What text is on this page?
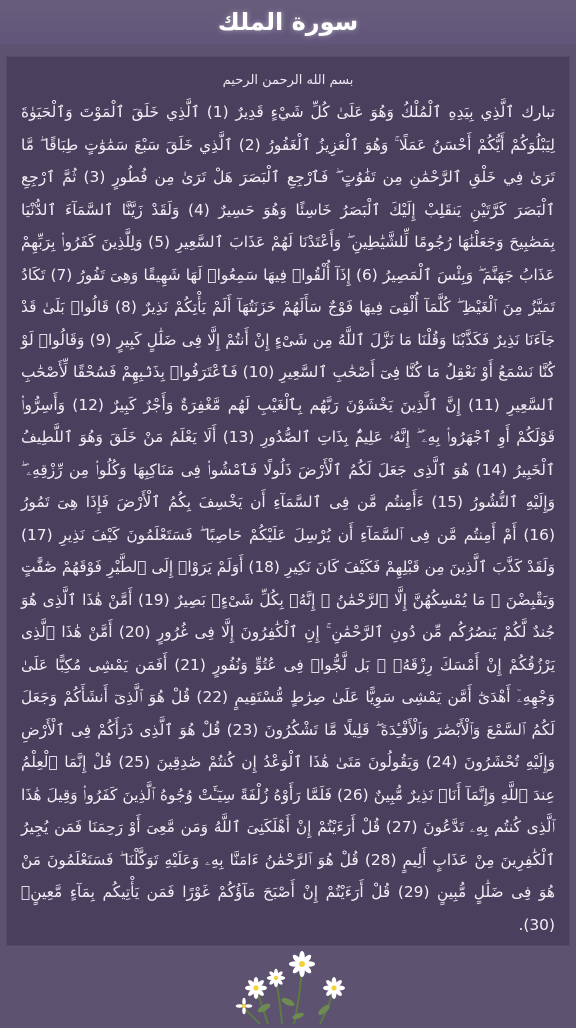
سورة الملك
بسم الله الرحمن الرحيم
تبارك ٱلَّذِي بِيَدِهِ ٱلْمُلْكُ وَهُوَ عَلَىٰ كُلِّ شَيْءٍ قَدِيرٌ (1) ٱلَّذِي خَلَقَ ٱلْمَوْتَ وَٱلْحَيَوٰةَ لِيَبْلُوَكُمْ أَيُّكُمْ أَحْسَنُ عَمَلًا ۚ وَهُوَ ٱلْعَزِيزُ ٱلْغَفُورُ (2) ٱلَّذِي خَلَقَ سَبْعَ سَمَٰوَٰتٍ طِبَاقًا ۖ مَّا تَرَىٰ فِي خَلْقِ ٱلرَّحْمَٰنِ مِن تَفَٰوُتٍ ۖ فَٱرْجِعِ ٱلْبَصَرَ هَلْ تَرَىٰ مِن فُطُورٍ (3) ثُمَّ ٱرْجِعِ ٱلْبَصَرَ كَرَّتَيْنِ يَنقَلِبْ إِلَيْكَ ٱلْبَصَرُ خَاسِئًا وَهُوَ حَسِيرٌ (4) وَلَقَدْ زَيَّنَّا ٱلسَّمَآءَ ٱلدُّنْيَا بِمَصَٰبِيحَ وَجَعَلْنَٰهَا رُجُومًا لِّلشَّيَٰطِينِ ۖ وَأَعْتَدْنَا لَهُمْ عَذَابَ ٱلسَّعِيرِ (5) وَلِلَّذِينَ كَفَرُوا۟ بِرَبِّهِمْ عَذَابُ جَهَنَّمَ ۖ وَبِئْسَ ٱلْمَصِيرُ (6) إِذَآ أُلْقُوا۟ فِيهَا سَمِعُوا۟ لَهَا شَهِيقًا وَهِىَ تَفُورُ (7) تَكَادُ تَمَيَّزُ مِنَ ٱلْغَيْظِ ۖ كُلَّمَآ أُلْقِىَ فِيهَا فَوْجٌ سَأَلَهُمْ خَزَنَتُهَآ أَلَمْ يَأْتِكُمْ نَذِيرٌ (8) قَالُوا۟ بَلَىٰ قَدْ جَآءَنَا نَذِيرٌ فَكَذَّبْنَا وَقُلْنَا مَا نَزَّلَ ٱللَّهُ مِن شَىْءٍ إِنْ أَنتُمْ إِلَّا فِى ضَلَٰلٍ كَبِيرٍ (9) وَقَالُوا۟ لَوْ كُنَّا نَسْمَعُ أَوْ نَعْقِلُ مَا كُنَّا فِىٓ أَصْحَٰبِ ٱلسَّعِيرِ (10) فَٱعْتَرَفُوا۟ بِذَنۢبِهِمْ فَسُحْقًا لِّأَصْحَٰبِ ٱلسَّعِيرِ (11) إِنَّ ٱلَّذِينَ يَخْشَوْنَ رَبَّهُم بِٱلْغَيْبِ لَهُم مَّغْفِرَةٌ وَأَجْرٌ كَبِيرٌ (12) وَأَسِرُّوا۟ قَوْلَكُمْ أَوِ ٱجْهَرُوا۟ بِهِۦٓ ۖ إِنَّهُۥ عَلِيمٌۢ بِذَاتِ ٱلصُّدُورِ (13) أَلَا يَعْلَمُ مَنْ خَلَقَ وَهُوَ ٱللَّطِيفُ ٱلْخَبِيرُ (14) هُوَ ٱلَّذِى جَعَلَ لَكُمُ ٱلْأَرْضَ ذَلُولًا فَٱمْشُوا۟ فِى مَنَاكِبِهَا وَكُلُوا۟ مِن رِّزْقِهِۦ ۖ وَإِلَيْهِ ٱلنُّشُورُ (15) ءَأَمِنتُم مَّن فِى ٱلسَّمَآءِ أَن يَخْسِفَ بِكُمُ ٱلْأَرْضَ فَإِذَا هِىَ تَمُورُ (16) أَمْ أَمِنتُم مَّن فِى ٱلسَّمَآءِ أَن يُرْسِلَ عَلَيْكُمْ حَاصِبًا ۖ فَسَتَعْلَمُونَ كَيْفَ نَذِيرِ (17) وَلَقَدْ كَذَّبَ ٱلَّذِينَ مِن قَبْلِهِمْ فَكَيْفَ كَانَ نَكِيرِ (18) أَوَلَمْ يَرَوْا۟ إِلَى ٱلطَّيْرِ فَوْقَهُمْ صَٰٓفَّٰتٍ وَيَقْبِضْنَ ۚ مَا يُمْسِكُهُنَّ إِلَّا ٱلرَّحْمَٰنُ ۚ إِنَّهُۥ بِكُلِّ شَىْءٍۭ بَصِيرٌ (19) أَمَّنْ هَٰذَا ٱلَّذِى هُوَ جُندٌ لَّكُمْ يَنصُرُكُم مِّن دُونِ ٱلرَّحْمَٰنِ ۚ إِنِ ٱلْكَٰفِرُونَ إِلَّا فِى غُرُورٍ (20) أَمَّنْ هَٰذَا ٱلَّذِى يَرْزُقُكُمْ إِنْ أَمْسَكَ رِزْقَهُۥ ۚ بَل لَّجُّوا۟ فِى عُتُوٍّ وَنُفُورٍ (21) أَفَمَن يَمْشِى مُكِبًّا عَلَىٰ وَجْهِهِۦٓ أَهْدَىٰٓ أَمَّن يَمْشِى سَوِيًّا عَلَىٰ صِرَٰطٍ مُّسْتَقِيمٍ (22) قُلْ هُوَ ٱلَّذِىٓ أَنشَأَكُمْ وَجَعَلَ لَكُمُ ٱلسَّمْعَ وَٱلْأَبْصَٰرَ وَٱلْأَفْـِٔدَةَ ۖ قَلِيلًا مَّا تَشْكُرُونَ (23) قُلْ هُوَ ٱلَّذِى ذَرَأَكُمْ فِى ٱلْأَرْضِ وَإِلَيْهِ تُحْشَرُونَ (24) وَيَقُولُونَ مَتَىٰ هَٰذَا ٱلْوَعْدُ إِن كُنتُمْ صَٰدِقِينَ (25) قُلْ إِنَّمَا ٱلْعِلْمُ عِندَ ٱللَّهِ وَإِنَّمَآ أَنَا۠ نَذِيرٌ مُّبِينٌ (26) فَلَمَّا رَأَوْهُ زُلْفَةً سِيٓـَٔتْ وُجُوهُ ٱلَّذِينَ كَفَرُوا۟ وَقِيلَ هَٰذَا ٱلَّذِى كُنتُم بِهِۦ تَدَّعُونَ (27) قُلْ أَرَءَيْتُمْ إِنْ أَهْلَكَنِىَ ٱللَّهُ وَمَن مَّعِىَ أَوْ رَحِمَنَا فَمَن يُجِيرُ ٱلْكَٰفِرِينَ مِنْ عَذَابٍ أَلِيمٍ (28) قُلْ هُوَ ٱلرَّحْمَٰنُ ءَامَنَّا بِهِۦ وَعَلَيْهِ تَوَكَّلْنَا ۖ فَسَتَعْلَمُونَ مَنْ هُوَ فِى ضَلَٰلٍ مُّبِينٍ (29) قُلْ أَرَءَيْتُمْ إِنْ أَصْبَحَ مَآؤُكُمْ غَوْرًا فَمَن يَأْتِيكُم بِمَآءٍ مَّعِينٍۭ (30).
